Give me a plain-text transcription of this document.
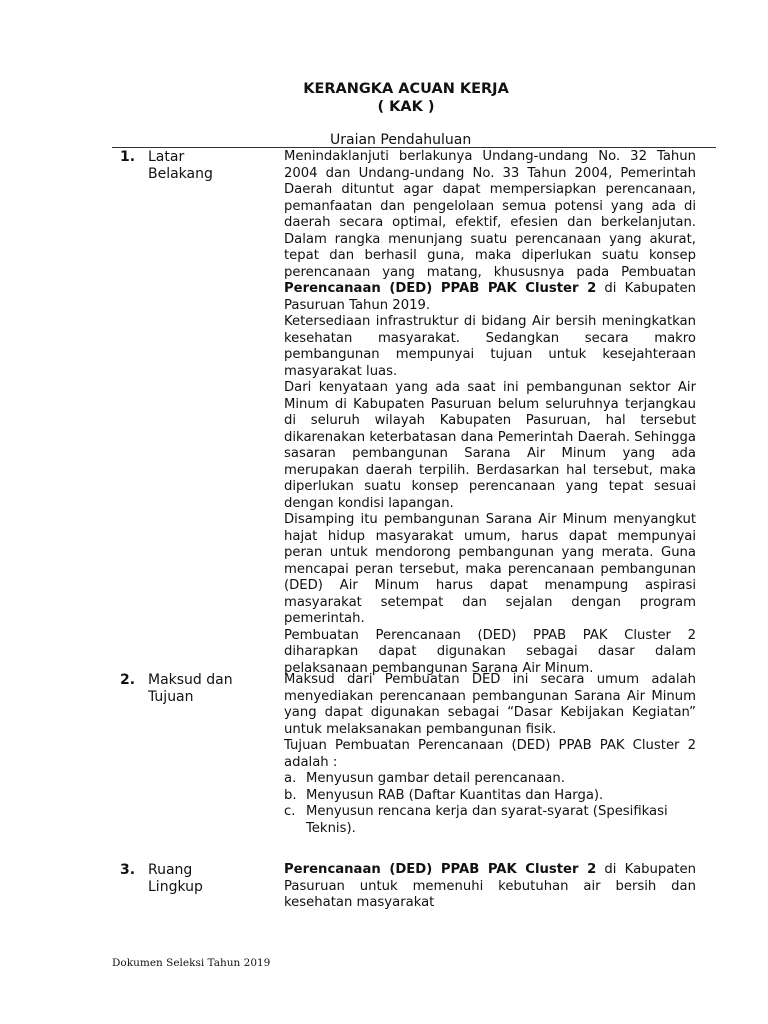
KERANGKA ACUAN KERJA
( KAK )
Uraian Pendahuluan
1. Latar
Belakang

Menindaklanjuti berlakunya Undang-undang No. 32 Tahun 2004 dan Undang-undang No. 33 Tahun 2004, Pemerintah Daerah dituntut agar dapat mempersiapkan perencanaan, pemanfaatan dan pengelolaan semua potensi yang ada di daerah secara optimal, efektif, efesien dan berkelanjutan. Dalam rangka menunjang suatu perencanaan yang akurat, tepat dan berhasil guna, maka diperlukan suatu konsep perencanaan yang matang, khususnya pada Pembuatan Perencanaan (DED) PPAB PAK Cluster 2 di Kabupaten Pasuruan Tahun 2019.

Ketersediaan infrastruktur di bidang Air bersih meningkatkan kesehatan masyarakat. Sedangkan secara makro pembangunan mempunyai tujuan untuk kesejahteraan masyarakat luas.

Dari kenyataan yang ada saat ini pembangunan sektor Air Minum di Kabupaten Pasuruan belum seluruhnya terjangkau di seluruh wilayah Kabupaten Pasuruan, hal tersebut dikarenakan keterbatasan dana Pemerintah Daerah. Sehingga sasaran pembangunan Sarana Air Minum yang ada merupakan daerah terpilih. Berdasarkan hal tersebut, maka diperlukan suatu konsep perencanaan yang tepat sesuai dengan kondisi lapangan.

Disamping itu pembangunan Sarana Air Minum menyangkut hajat hidup masyarakat umum, harus dapat mempunyai peran untuk mendorong pembangunan yang merata. Guna mencapai peran tersebut, maka perencanaan pembangunan (DED) Air Minum harus dapat menampung aspirasi masyarakat setempat dan sejalan dengan program pemerintah.

Pembuatan Perencanaan (DED) PPAB PAK Cluster 2 diharapkan dapat digunakan sebagai dasar dalam pelaksanaan pembangunan Sarana Air Minum.

2. Maksud dan
Tujuan

Maksud dari Pembuatan DED ini secara umum adalah menyediakan perencanaan pembangunan Sarana Air Minum yang dapat digunakan sebagai “Dasar Kebijakan Kegiatan” untuk melaksanakan pembangunan fisik.

Tujuan Pembuatan Perencanaan (DED) PPAB PAK Cluster 2 adalah :

a. Menyusun gambar detail perencanaan.
b. Menyusun RAB (Daftar Kuantitas dan Harga).
c. Menyusun rencana kerja dan syarat-syarat (Spesifikasi Teknis).
3. Ruang
Lingkup

Perencanaan (DED) PPAB PAK Cluster 2 di Kabupaten Pasuruan untuk memenuhi kebutuhan air bersih dan kesehatan masyarakat

Dokumen Seleksi Tahun 2019
